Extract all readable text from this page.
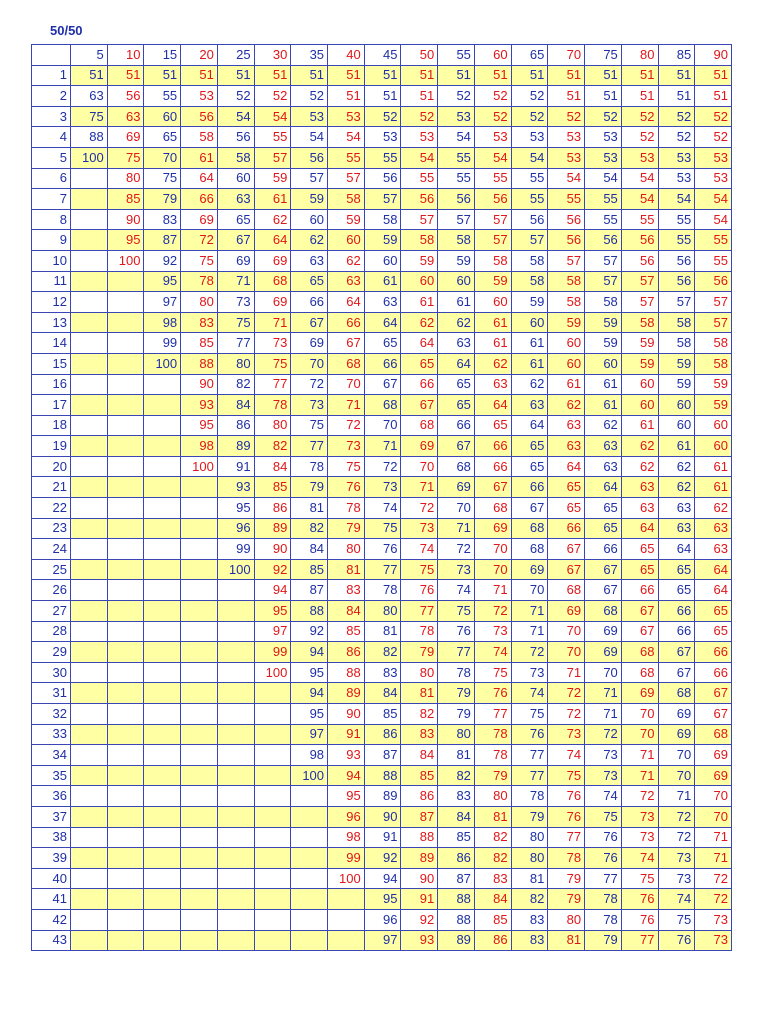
50/50
	5	10	15	20	25	30	35	40	45	50	55	60	65	70	75	80	85	90
1	51	51	51	51	51	51	51	51	51	51	51	51	51	51	51	51	51	51
2	63	56	55	53	52	52	52	51	51	51	52	52	52	51	51	51	51	51
3	75	63	60	56	54	54	53	53	52	52	53	52	52	52	52	52	52	52
4	88	69	65	58	56	55	54	54	53	53	54	53	53	53	53	52	52	52
5	100	75	70	61	58	57	56	55	55	54	55	54	54	53	53	53	53	53
6		80	75	64	60	59	57	57	56	55	55	55	55	54	54	54	53	53
7		85	79	66	63	61	59	58	57	56	56	56	55	55	55	54	54	54
8		90	83	69	65	62	60	59	58	57	57	57	56	56	55	55	55	54
9		95	87	72	67	64	62	60	59	58	58	57	57	56	56	56	55	55
10		100	92	75	69	69	63	62	60	59	59	58	58	57	57	56	56	55
11			95	78	71	68	65	63	61	60	60	59	58	58	57	57	56	56
12			97	80	73	69	66	64	63	61	61	60	59	58	58	57	57	57
13			98	83	75	71	67	66	64	62	62	61	60	59	59	58	58	57
14			99	85	77	73	69	67	65	64	63	61	61	60	59	59	58	58
15			100	88	80	75	70	68	66	65	64	62	61	60	60	59	59	58
16				90	82	77	72	70	67	66	65	63	62	61	61	60	59	59
17				93	84	78	73	71	68	67	65	64	63	62	61	60	60	59
18				95	86	80	75	72	70	68	66	65	64	63	62	61	60	60
19				98	89	82	77	73	71	69	67	66	65	63	63	62	61	60
20				100	91	84	78	75	72	70	68	66	65	64	63	62	62	61
21					93	85	79	76	73	71	69	67	66	65	64	63	62	61
22					95	86	81	78	74	72	70	68	67	65	65	63	63	62
23					96	89	82	79	75	73	71	69	68	66	65	64	63	63
24					99	90	84	80	76	74	72	70	68	67	66	65	64	63
25					100	92	85	81	77	75	73	70	69	67	67	65	65	64
26						94	87	83	78	76	74	71	70	68	67	66	65	64
27						95	88	84	80	77	75	72	71	69	68	67	66	65
28						97	92	85	81	78	76	73	71	70	69	67	66	65
29						99	94	86	82	79	77	74	72	70	69	68	67	66
30						100	95	88	83	80	78	75	73	71	70	68	67	66
31							94	89	84	81	79	76	74	72	71	69	68	67
32							95	90	85	82	79	77	75	72	71	70	69	67
33							97	91	86	83	80	78	76	73	72	70	69	68
34							98	93	87	84	81	78	77	74	73	71	70	69
35							100	94	88	85	82	79	77	75	73	71	70	69
36								95	89	86	83	80	78	76	74	72	71	70
37								96	90	87	84	81	79	76	75	73	72	70
38								98	91	88	85	82	80	77	76	73	72	71
39								99	92	89	86	82	80	78	76	74	73	71
40								100	94	90	87	83	81	79	77	75	73	72
41									95	91	88	84	82	79	78	76	74	72
42									96	92	88	85	83	80	78	76	75	73
43									97	93	89	86	83	81	79	77	76	73
